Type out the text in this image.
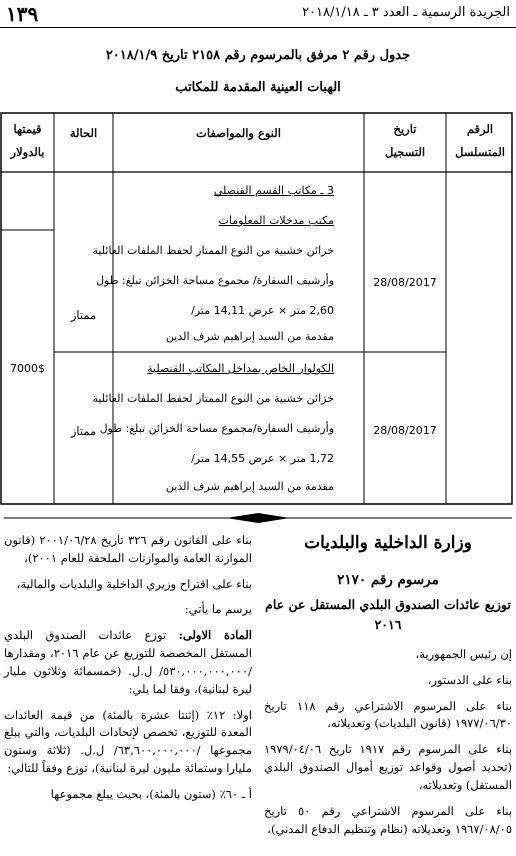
١٣٩	الجريدة الرسمية ـ العدد ٣ ـ ٢٠١٨/١/١٨
جدول رقم ٢ مرفق بالمرسوم رقم ٢١٥٨ تاريخ ٢٠١٨/١/٩
الهبات العينية المقدمة للمكاتب
الرقم
المتسلسل
تاريخ
التسجيل
النوع والمواصفات
الحالة
قيمتها
بالدولار
3 ـ مكاتب القسم القنصلي
مكتب مدخلات المعلومات
خزائن خشبية من النوع الممتاز لحفظ الملفات العائلية
وأرشيف السفارة/ مجموع مساحة الخزائن تبلغ: طول
2,60 متر × عرض 14,11 متر/
مقدمة من السيد إبراهيم شرف الدين
28/08/2017
ممتاز
الكولوار الخاص بمداخل المكاتب القنصلية
خزائن خشبية من النوع الممتاز لحفظ الملفات العائلية
وأرشيف السفارة/مجموع مساحة الخزائن تبلغ: طول
1,72 متر × عرض 14,55 متر/
مقدمة من السيد إبراهيم شرف الدين
28/08/2017
ممتاز
7000$
وزارة الداخلية والبلديات
مرسوم رقم ٢١٧٠
توزيع عائدات الصندوق البلدي المستقل عن عام ٢٠١٦
إن رئيس الجمهورية،
بناء على الدستور،
بناء على المرسوم الاشتراعي رقم ١١٨ تاريخ ١٩٧٧/٠٦/٣٠ (قانون البلديات) وتعديلاته،
بناء على المرسوم رقم ١٩١٧ تاريخ ١٩٧٩/٠٤/٠٦ (تحديد أصول وقواعد توزيع أموال الصندوق البلدي المستقل) وتعديلاته،
بناء على المرسوم الاشتراعي رقم ٥٠ تاريخ ١٩٦٧/٠٨/٠٥ وتعديلاته (نظام وتنظيم الدفاع المدني)،
بناء على القانون رقم ٣٢٦ تاريخ ٢٠٠١/٠٦/٢٨ (قانون الموازنة العامة والموازنات الملحقة للعام ٢٠٠١)،
بناء على اقتراح وزيري الداخلية والبلديات والمالية،
يرسم ما يأتي:
المادة الاولى: توزع عائدات الصندوق البلدي المستقل المخصصة للتوزيع عن عام ٢٠١٦، ومقدارها /٥٣٠,٠٠٠,٠٠٠,٠٠٠/ ل.ل. (خمسمائة وثلاثون مليار ليرة لبنانية)، وفقا لما يلي:
اولا: ١٢٪ (إثنتا عشرة بالمئة) من قيمة العائدات المعدة للتوزيع، تخصص لإتحادات البلديات، والتي يبلغ مجموعها /٦٣,٦٠٠,٠٠٠,٠٠٠/ ل.ل. (ثلاثة وستون مليارا وستمائة مليون ليرة لبنانية)، توزع وفقاً للتالي:
أ ـ ٦٠٪ (ستون بالمئة)، بحيث يبلغ مجموعها
